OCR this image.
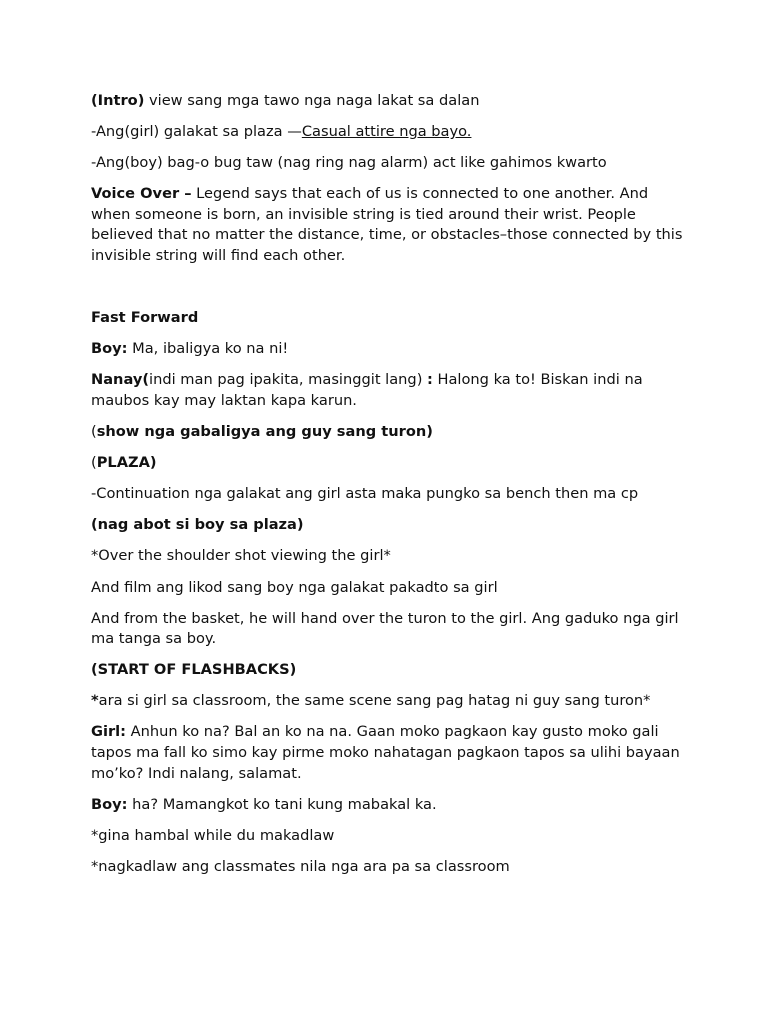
(Intro) view sang mga tawo nga naga lakat sa dalan

-Ang(girl) galakat sa plaza —Casual attire nga bayo.

-Ang(boy) bag-o bug taw (nag ring nag alarm) act like gahimos kwarto

Voice Over – Legend says that each of us is connected to one another. And when someone is born, an invisible string is tied around their wrist. People believed that no matter the distance, time, or obstacles–those connected by this invisible string will find each other.

Fast Forward

Boy: Ma, ibaligya ko na ni!

Nanay(indi man pag ipakita, masinggit lang) : Halong ka to! Biskan indi na maubos kay may laktan kapa karun.

(show nga gabaligya ang guy sang turon)

(PLAZA)

-Continuation nga galakat ang girl asta maka pungko sa bench then ma cp

(nag abot si boy sa plaza)

*Over the shoulder shot viewing the girl*

And film ang likod sang boy nga galakat pakadto sa girl

And from the basket, he will hand over the turon to the girl. Ang gaduko nga girl ma tanga sa boy.

(START OF FLASHBACKS)

*ara si girl sa classroom, the same scene sang pag hatag ni guy sang turon*

Girl: Anhun ko na? Bal an ko na na. Gaan moko pagkaon kay gusto moko gali tapos ma fall ko simo kay pirme moko nahatagan pagkaon tapos sa ulihi bayaan mo’ko? Indi nalang, salamat.

Boy: ha? Mamangkot ko tani kung mabakal ka.

*gina hambal while du makadlaw

*nagkadlaw ang classmates nila nga ara pa sa classroom
